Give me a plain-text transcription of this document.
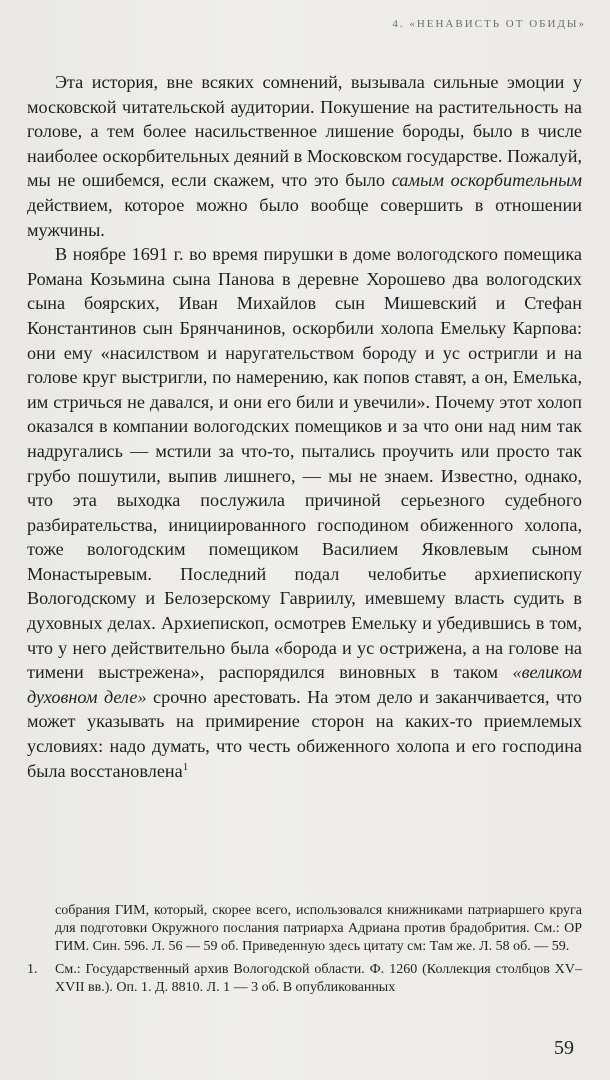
4. «НЕНАВИСТЬ ОТ ОБИДЫ»

Эта история, вне всяких сомнений, вызывала сильные эмоции у московской читательской аудитории. Покушение на растительность на голове, а тем более насильственное лишение бороды, было в числе наиболее оскорбительных деяний в Московском государстве. Пожалуй, мы не ошибемся, если скажем, что это было самым оскорбительным действием, которое можно было вообще совершить в отношении мужчины.

В ноябре 1691 г. во время пирушки в доме вологодского помещика Романа Козьмина сына Панова в деревне Хорошево два вологодских сына боярских, Иван Михайлов сын Мишевский и Стефан Константинов сын Брянчанинов, оскорбили холопа Емельку Карпова: они ему «насилством и наругательством бороду и ус остригли и на голове круг выстригли, по намерению, как попов ставят, а он, Емелька, им стричься не давался, и они его били и увечили». Почему этот холоп оказался в компании вологодских помещиков и за что они над ним так надругались — мстили за что-то, пытались проучить или просто так грубо пошутили, выпив лишнего, — мы не знаем. Известно, однако, что эта выходка послужила причиной серьезного судебного разбирательства, инициированного господином обиженного холопа, тоже вологодским помещиком Василием Яковлевым сыном Монастыревым. Последний подал челобитье архиепископу Вологодскому и Белозерскому Гавриилу, имевшему власть судить в духовных делах. Архиепископ, осмотрев Емельку и убедившись в том, что у него действительно была «борода и ус острижена, а на голове на тимени выстрежена», распорядился виновных в таком «великом духовном деле» срочно арестовать. На этом дело и заканчивается, что может указывать на примирение сторон на каких-то приемлемых условиях: надо думать, что честь обиженного холопа и его господина была восстановлена$^1$

собрания ГИМ, который, скорее всего, использовался книжниками патриаршего круга для подготовки Окружного послания патриарха Адриана против брадобрития. См.: ОР ГИМ. Син. 596. Л. 56 — 59 об. Приведенную здесь цитату см: Там же. Л. 58 об. — 59.
1.	См.: Государственный архив Вологодской области. Ф. 1260 (Коллекция столбцов XV–XVII вв.). Оп. 1. Д. 8810. Л. 1 — 3 об. В опубликованных
59
